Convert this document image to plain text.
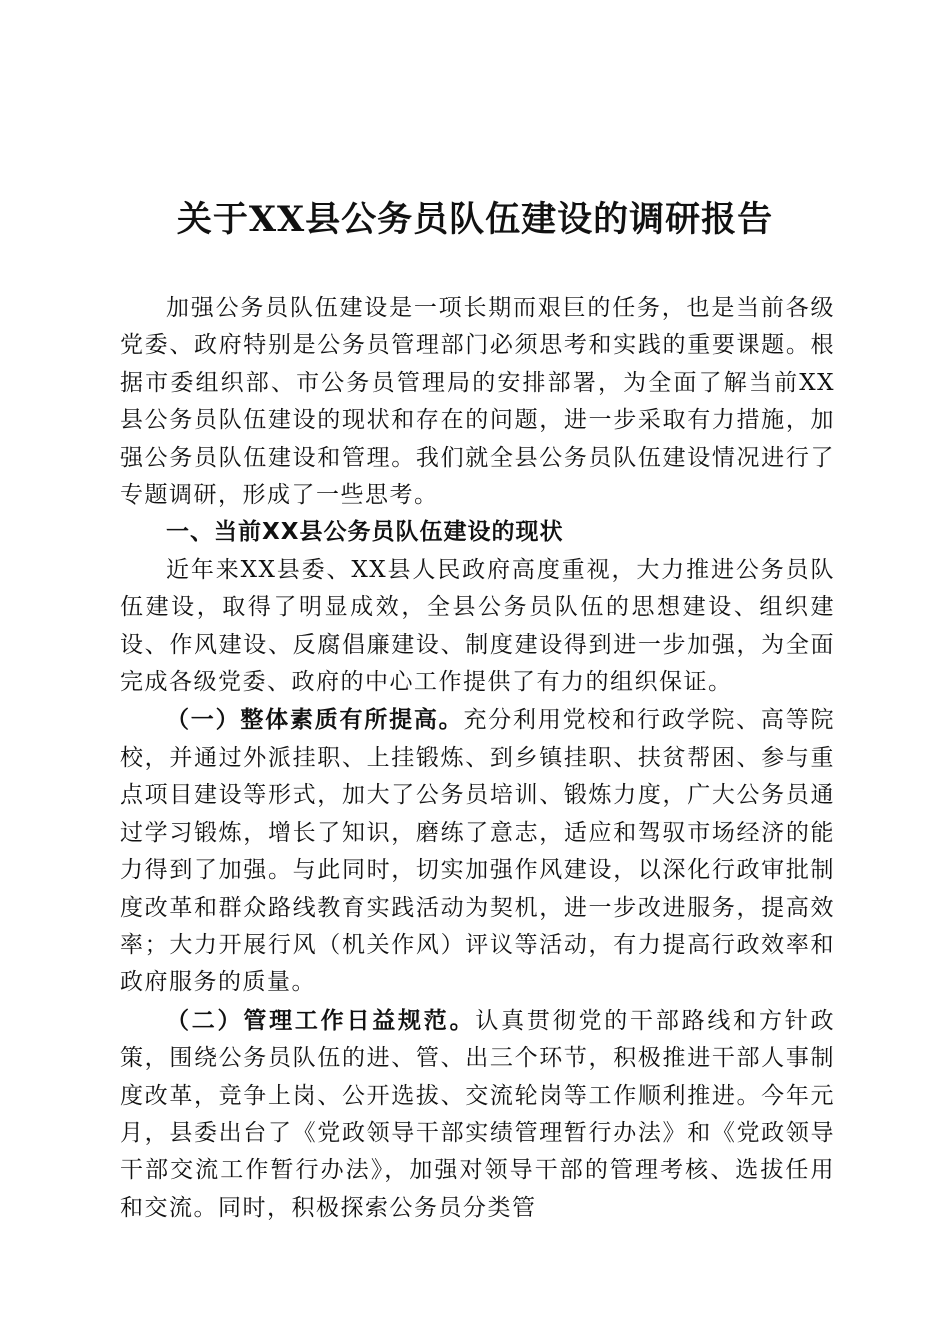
关于XX县公务员队伍建设的调研报告

加强公务员队伍建设是一项长期而艰巨的任务，也是当前各级党委、政府特别是公务员管理部门必须思考和实践的重要课题。根据市委组织部、市公务员管理局的安排部署，为全面了解当前XX县公务员队伍建设的现状和存在的问题，进一步采取有力措施，加强公务员队伍建设和管理。我们就全县公务员队伍建设情况进行了专题调研，形成了一些思考。

一、当前XX县公务员队伍建设的现状

近年来XX县委、XX县人民政府高度重视，大力推进公务员队伍建设，取得了明显成效，全县公务员队伍的思想建设、组织建设、作风建设、反腐倡廉建设、制度建设得到进一步加强，为全面完成各级党委、政府的中心工作提供了有力的组织保证。

（一）整体素质有所提高。充分利用党校和行政学院、高等院校，并通过外派挂职、上挂锻炼、到乡镇挂职、扶贫帮困、参与重点项目建设等形式，加大了公务员培训、锻炼力度，广大公务员通过学习锻炼，增长了知识，磨练了意志，适应和驾驭市场经济的能力得到了加强。与此同时，切实加强作风建设，以深化行政审批制度改革和群众路线教育实践活动为契机，进一步改进服务，提高效率；大力开展行风（机关作风）评议等活动，有力提高行政效率和政府服务的质量。

（二）管理工作日益规范。认真贯彻党的干部路线和方针政策，围绕公务员队伍的进、管、出三个环节，积极推进干部人事制度改革，竞争上岗、公开选拔、交流轮岗等工作顺利推进。今年元月，县委出台了《党政领导干部实绩管理暂行办法》和《党政领导干部交流工作暂行办法》，加强对领导干部的管理考核、选拔任用和交流。同时，积极探索公务员分类管
